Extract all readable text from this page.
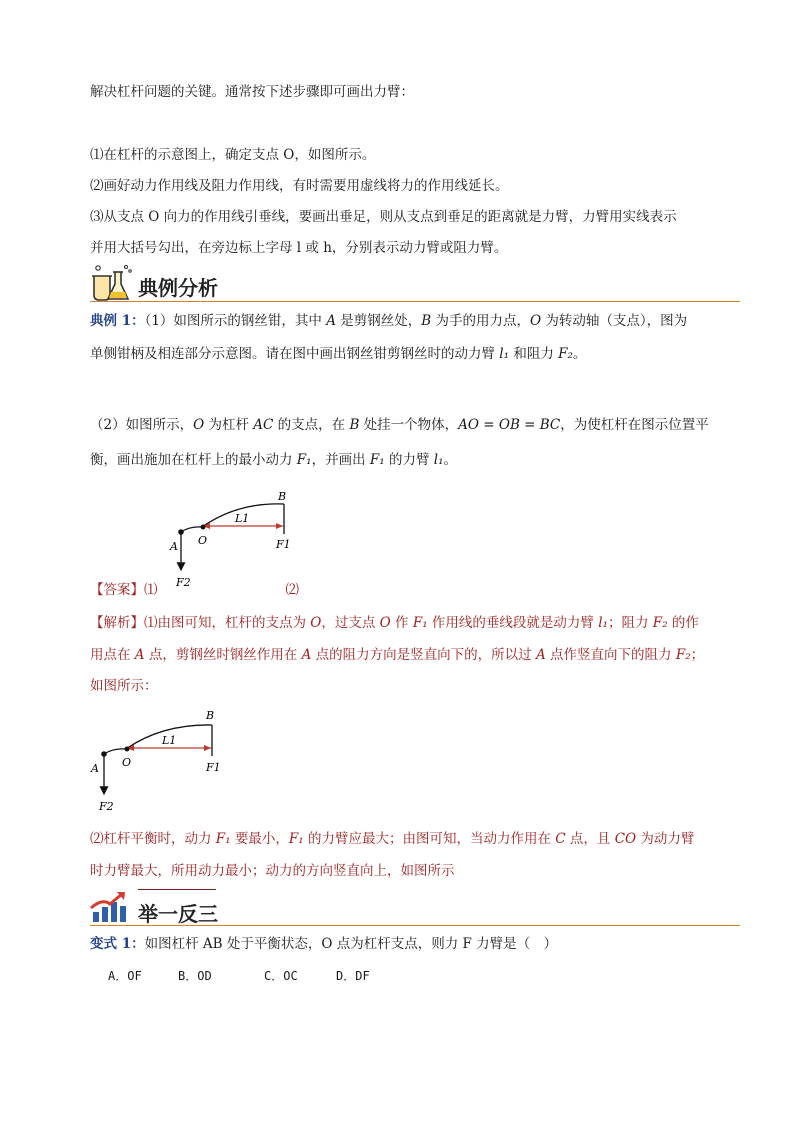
解决杠杆问题的关键。通常按下述步骤即可画出力臂：
⑴在杠杆的示意图上，确定支点 O，如图所示。
⑵画好动力作用线及阻力作用线，有时需要用虚线将力的作用线延长。
⑶从支点 O 向力的作用线引垂线，要画出垂足，则从支点到垂足的距离就是力臂，力臂用实线表示
并用大括号勾出，在旁边标上字母 l 或 h，分别表示动力臂或阻力臂。
典例分析
典例 1：（1）如图所示的钢丝钳，其中 A 是剪钢丝处，B 为手的用力点，O 为转动轴（支点），图为
单侧钳柄及相连部分示意图。请在图中画出钢丝钳剪钢丝时的动力臂 l₁ 和阻力 F₂。
（2）如图所示，O 为杠杆 AC 的支点，在 B 处挂一个物体，AO = OB = BC，为使杠杆在图示位置平
衡，画出施加在杠杆上的最小动力 F₁，并画出 F₁ 的力臂 l₁。
B
A O
L1
F1
F2
【答案】⑴	⑵
【解析】⑴由图可知，杠杆的支点为 O，过支点 O 作 F₁ 作用线的垂线段就是动力臂 l₁；阻力 F₂ 的作
用点在 A 点，剪钢丝时钢丝作用在 A 点的阻力方向是竖直向下的，所以过 A 点作竖直向下的阻力 F₂；
如图所示：
B
A O
L1
F1
F2
⑵杠杆平衡时，动力 F₁ 要最小，F₁ 的力臂应最大；由图可知，当动力作用在 C 点，且 CO 为动力臂
时力臂最大，所用动力最小；动力的方向竖直向上，如图所示
举一反三
变式 1：如图杠杆 AB 处于平衡状态，O 点为杠杆支点，则力 F 力臂是（　）
A．OF	B．OD	C．OC	D．DF
